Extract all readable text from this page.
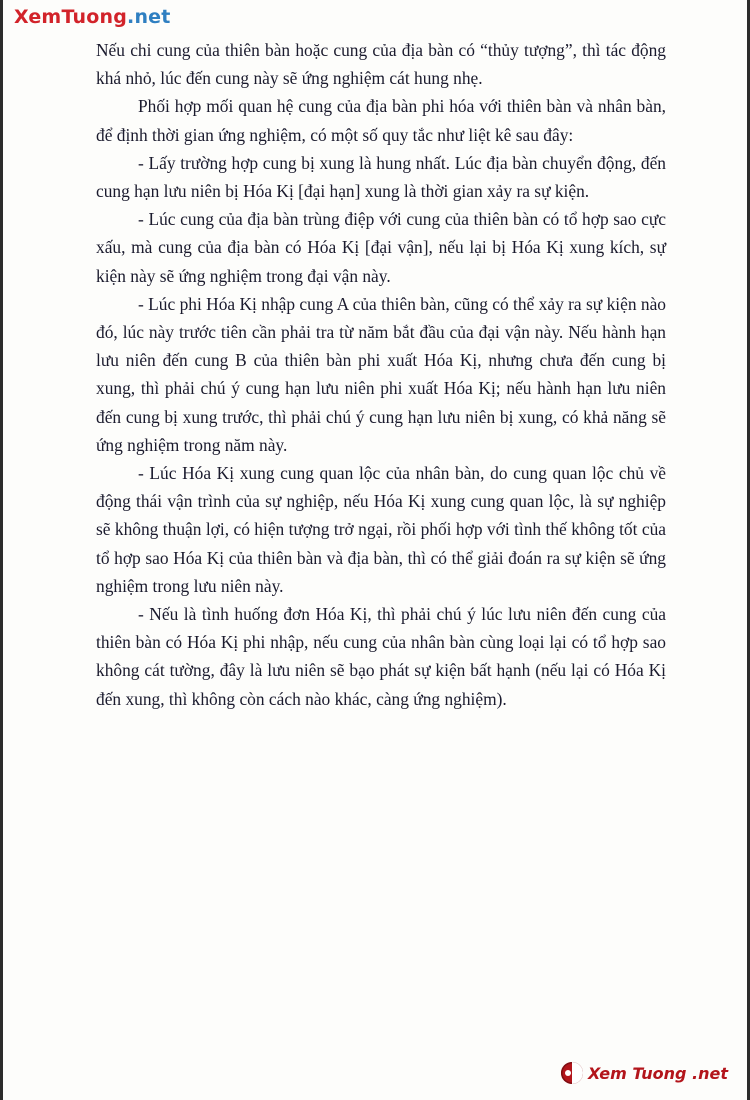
XemTuong.net

Nếu chi cung của thiên bàn hoặc cung của địa bàn có “thủy tượng”, thì tác động khá nhỏ, lúc đến cung này sẽ ứng nghiệm cát hung nhẹ.

Phối hợp mối quan hệ cung của địa bàn phi hóa với thiên bàn và nhân bàn, để định thời gian ứng nghiệm, có một số quy tắc như liệt kê sau đây:

- Lấy trường hợp cung bị xung là hung nhất. Lúc địa bàn chuyển động, đến cung hạn lưu niên bị Hóa Kị [đại hạn] xung là thời gian xảy ra sự kiện.

- Lúc cung của địa bàn trùng điệp với cung của thiên bàn có tổ hợp sao cực xấu, mà cung của địa bàn có Hóa Kị [đại vận], nếu lại bị Hóa Kị xung kích, sự kiện này sẽ ứng nghiệm trong đại vận này.

- Lúc phi Hóa Kị nhập cung A của thiên bàn, cũng có thể xảy ra sự kiện nào đó, lúc này trước tiên cần phải tra từ năm bắt đầu của đại vận này. Nếu hành hạn lưu niên đến cung B của thiên bàn phi xuất Hóa Kị, nhưng chưa đến cung bị xung, thì phải chú ý cung hạn lưu niên phi xuất Hóa Kị; nếu hành hạn lưu niên đến cung bị xung trước, thì phải chú ý cung hạn lưu niên bị xung, có khả năng sẽ ứng nghiệm trong năm này.

- Lúc Hóa Kị xung cung quan lộc của nhân bàn, do cung quan lộc chủ về động thái vận trình của sự nghiệp, nếu Hóa Kị xung cung quan lộc, là sự nghiệp sẽ không thuận lợi, có hiện tượng trở ngại, rồi phối hợp với tình thế không tốt của tổ hợp sao Hóa Kị của thiên bàn và địa bàn, thì có thể giải đoán ra sự kiện sẽ ứng nghiệm trong lưu niên này.

- Nếu là tình huống đơn Hóa Kị, thì phải chú ý lúc lưu niên đến cung của thiên bàn có Hóa Kị phi nhập, nếu cung của nhân bàn cùng loại lại có tổ hợp sao không cát tường, đây là lưu niên sẽ bạo phát sự kiện bất hạnh (nếu lại có Hóa Kị đến xung, thì không còn cách nào khác, càng ứng nghiệm).

Xem Tuong .net
